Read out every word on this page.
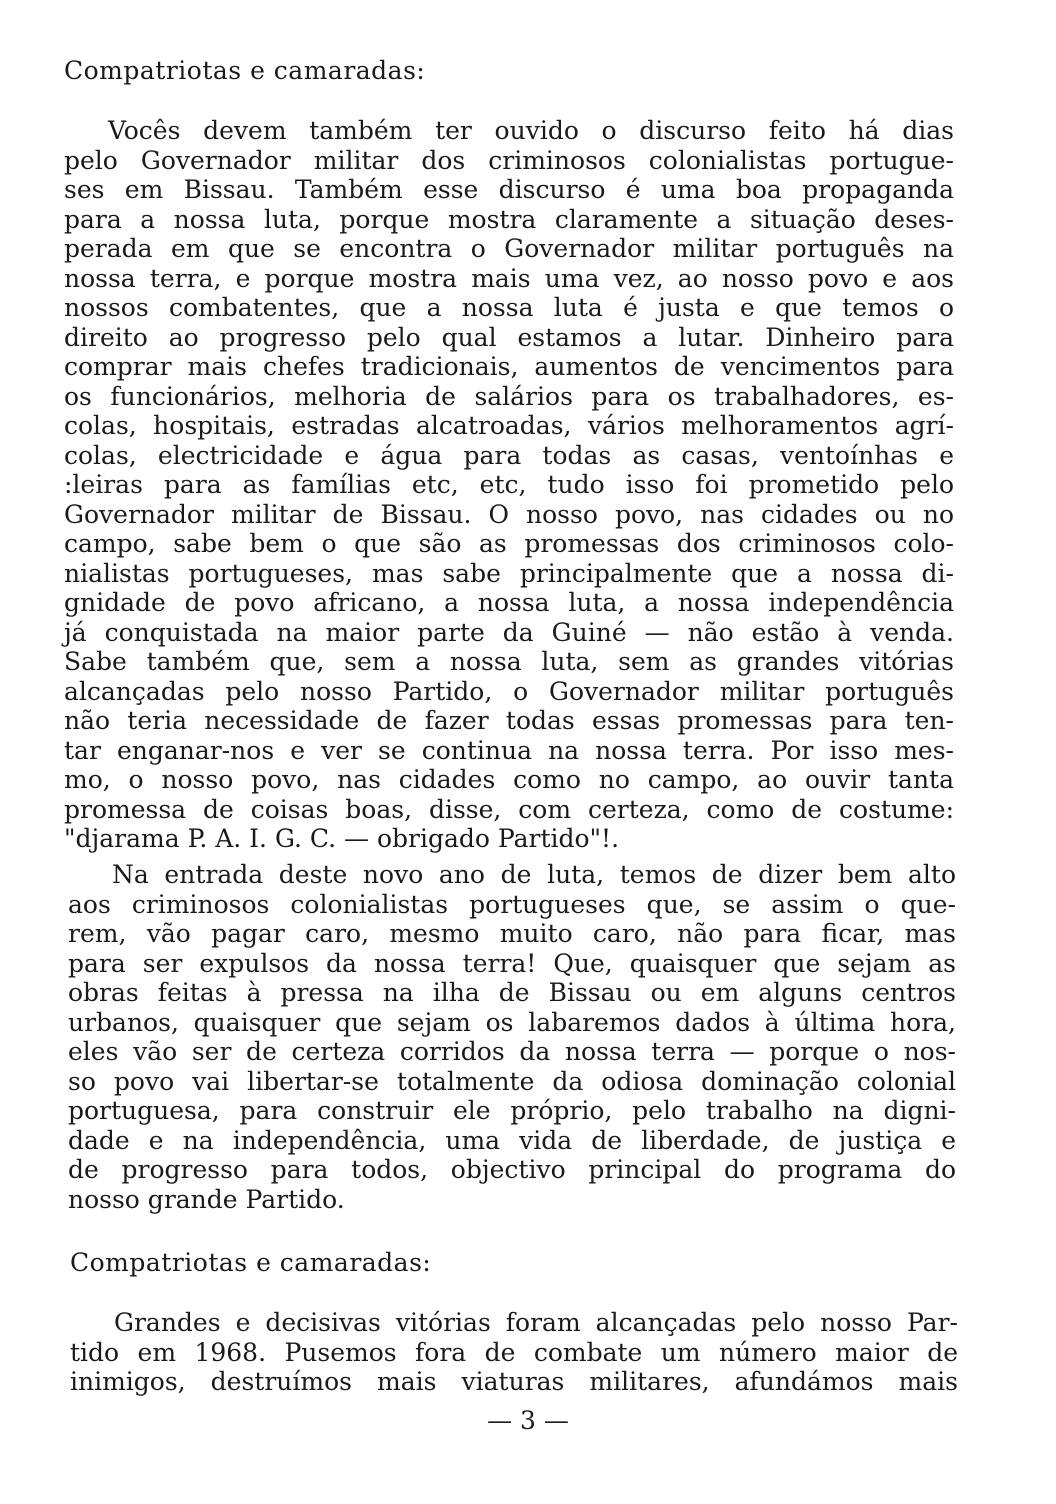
Compatriotas e camaradas:

Vocês devem também ter ouvido o discurso feito há dias
pelo Governador militar dos criminosos colonialistas portugue-
ses em Bissau. Também esse discurso é uma boa propaganda
para a nossa luta, porque mostra claramente a situação deses-
perada em que se encontra o Governador militar português na
nossa terra, e porque mostra mais uma vez, ao nosso povo e aos
nossos combatentes, que a nossa luta é justa e que temos o
direito ao progresso pelo qual estamos a lutar. Dinheiro para
comprar mais chefes tradicionais, aumentos de vencimentos para
os funcionários, melhoria de salários para os trabalhadores, es-
colas, hospitais, estradas alcatroadas, vários melhoramentos agrí-
colas, electricidade e água para todas as casas, ventoínhas e
:leiras para as famílias etc, etc, tudo isso foi prometido pelo
Governador militar de Bissau. O nosso povo, nas cidades ou no
campo, sabe bem o que são as promessas dos criminosos colo-
nialistas portugueses, mas sabe principalmente que a nossa di-
gnidade de povo africano, a nossa luta, a nossa independência
já conquistada na maior parte da Guiné — não estão à venda.
Sabe também que, sem a nossa luta, sem as grandes vitórias
alcançadas pelo nosso Partido, o Governador militar português
não teria necessidade de fazer todas essas promessas para ten-
tar enganar-nos e ver se continua na nossa terra. Por isso mes-
mo, o nosso povo, nas cidades como no campo, ao ouvir tanta
promessa de coisas boas, disse, com certeza, como de costume:
"djarama P. A. I. G. C. — obrigado Partido"!.

Na entrada deste novo ano de luta, temos de dizer bem alto
aos criminosos colonialistas portugueses que, se assim o que-
rem, vão pagar caro, mesmo muito caro, não para ficar, mas
para ser expulsos da nossa terra! Que, quaisquer que sejam as
obras feitas à pressa na ilha de Bissau ou em alguns centros
urbanos, quaisquer que sejam os labaremos dados à última hora,
eles vão ser de certeza corridos da nossa terra — porque o nos-
so povo vai libertar-se totalmente da odiosa dominação colonial
portuguesa, para construir ele próprio, pelo trabalho na digni-
dade e na independência, uma vida de liberdade, de justiça e
de progresso para todos, objectivo principal do programa do
nosso grande Partido.

Compatriotas e camaradas:

Grandes e decisivas vitórias foram alcançadas pelo nosso Par-
tido em 1968. Pusemos fora de combate um número maior de
inimigos, destruímos mais viaturas militares, afundámos mais

— 3 —
